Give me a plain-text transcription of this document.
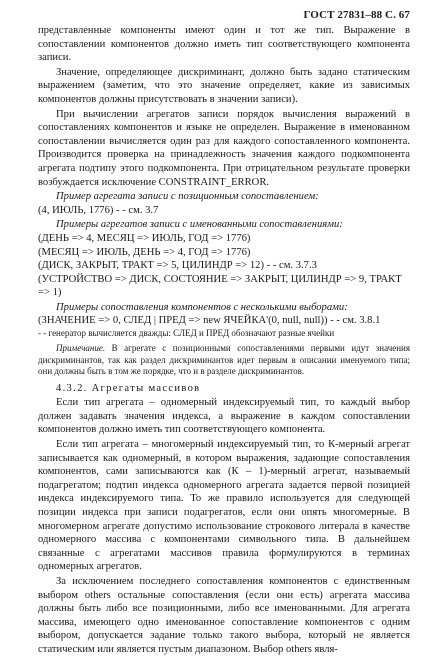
ГОСТ 27831–88 С. 67

представленные компоненты имеют один и тот же тип. Выражение в сопоставлении компонентов должно иметь тип соответствующего компонента записи.

Значение, определяющее дискриминант, должно быть задано статическим выражением (заметим, что это значение определяет, какие из зависимых компонентов должны присутствовать в значении записи).

При вычислении агрегатов записи порядок вычисления выражений в сопоставлениях компонентов и языке не определен. Выражение в именованном сопоставлении вычисляется один раз для каждого сопоставленного компонента. Производится проверка на принадлежность значения каждого подкомпонента агрегата подтипу этого подкомпонента. При отрицательном результате проверки возбуждается исключение CONSTRAINT_ERROR.

Пример агрегата записи с позиционным сопоставлением:

(4, ИЮЛЬ, 1776) - - см. 3.7

Примеры агрегатов записи с именованными сопоставлениями:

(ДЕНЬ => 4, МЕСЯЦ => ИЮЛЬ, ГОД => 1776)

(МЕСЯЦ => ИЮЛЬ, ДЕНЬ => 4, ГОД => 1776)

(ДИСК, ЗАКРЫТ, ТРАКТ => 5, ЦИЛИНДР => 12) - - см. 3.7.3

(УСТРОЙСТВО => ДИСК, СОСТОЯНИЕ => ЗАКРЫТ, ЦИЛИНДР => 9, ТРАКТ

=> 1)

Примеры сопоставления компонентов с несколькими выборами:

(ЗНАЧЕНИЕ => 0, СЛЕД | ПРЕД => new ЯЧЕЙКА'(0, null, null)) - - см. 3.8.1

- - генератор вычисляется дважды: СЛЕД и ПРЕД обозначают разные ячейки

Примечание. В агрегате с позиционными сопоставлениями первыми идут значения дискриминантов, так как раздел дискриминантов идет первым в описании именуемого типа; они должны быть в том же порядке, что и в разделе дискриминантов.

4.3.2. Агрегаты массивов

Если тип агрегата – одномерный индексируемый тип, то каждый выбор должен задавать значения индекса, а выражение в каждом сопоставлении компонентов должно иметь тип соответствующего компонента.

Если тип агрегата – многомерный индексируемый тип, то К-мерный агрегат записывается как одномерный, в котором выражения, задающие сопоставления компонентов, сами записываются как (К – 1)-мерный агрегат, называемый подагрегатом; подтип индекса одномерного агрегата задается первой позицией индекса индексируемого типа. То же правило используется для следующей позиции индекса при записи подагрегатов, если они опять многомерные. В многомерном агрегате допустимо использование строкового литерала в качестве одномерного массива с компонентами символьного типа. В дальнейшем связанные с агрегатами массивов правила формулируются в терминах одномерных агрегатов.

За исключением последнего сопоставления компонентов с единственным выбором others остальные сопоставления (если они есть) агрегата массива должны быть либо все позиционными, либо все именованными. Для агрегата массива, имеющего одно именованное сопоставление компонентов с одним выбором, допускается задание только такого выбора, который не является статическим или является пустым диапазоном. Выбор others явля-
